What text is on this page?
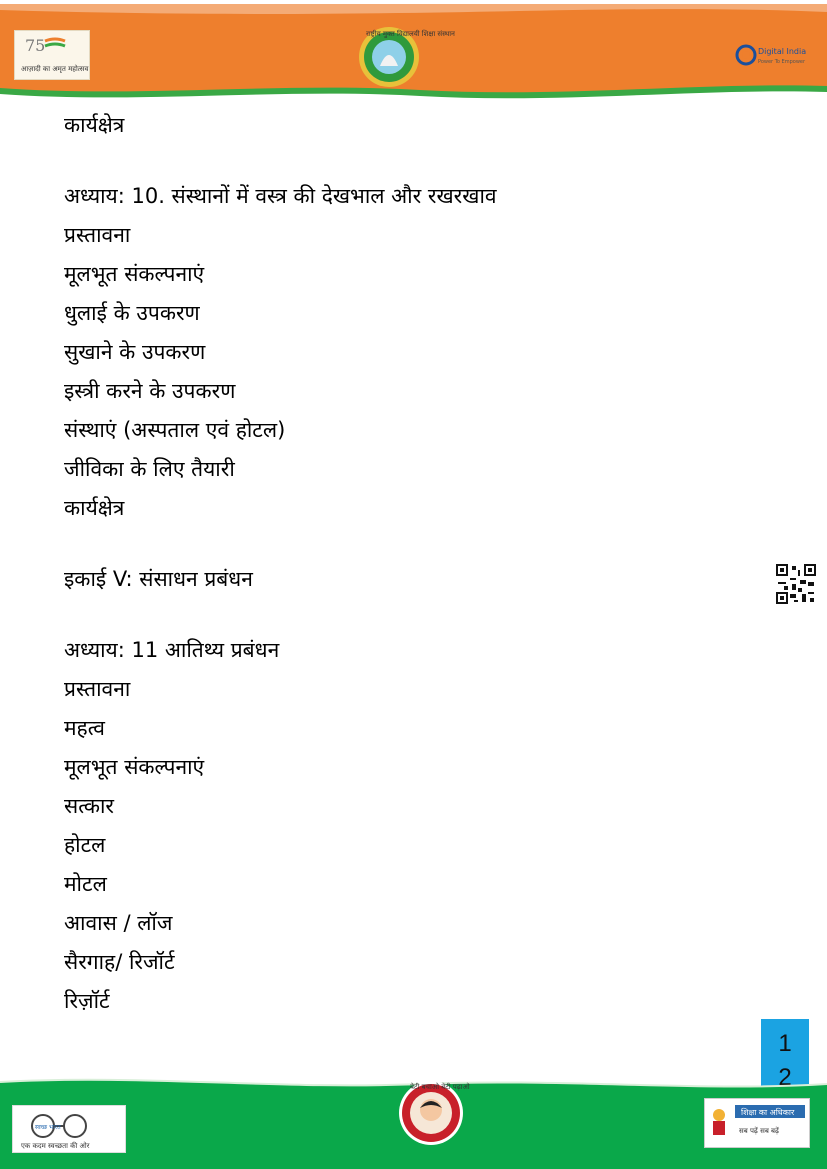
75
आज़ादी का अमृत महोत्सव
राष्ट्रीय मुक्त विद्यालयी शिक्षा संस्थान
Digital India
Power To Empower
कार्यक्षेत्र
अध्याय: 10. संस्थानों में वस्त्र की देखभाल और रखरखाव
प्रस्तावना
मूलभूत संकल्पनाएं
धुलाई के उपकरण
सुखाने के उपकरण
इस्त्री करने के उपकरण
संस्थाएं (अस्पताल एवं होटल)
जीविका के लिए तैयारी
कार्यक्षेत्र
इकाई V: संसाधन प्रबंधन
अध्याय: 11 आतिथ्य प्रबंधन
प्रस्तावना
महत्व
मूलभूत संकल्पनाएं
सत्कार
होटल
मोटल
आवास / लॉज
सैरगाह/ रिजॉर्ट
रिज़ॉर्ट
1
2
स्वच्छ भारत
एक कदम स्वच्छता की ओर
बेटी बचाओ बेटी पढ़ाओ
शिक्षा का अधिकार
सब पढ़ें सब बढ़ें
